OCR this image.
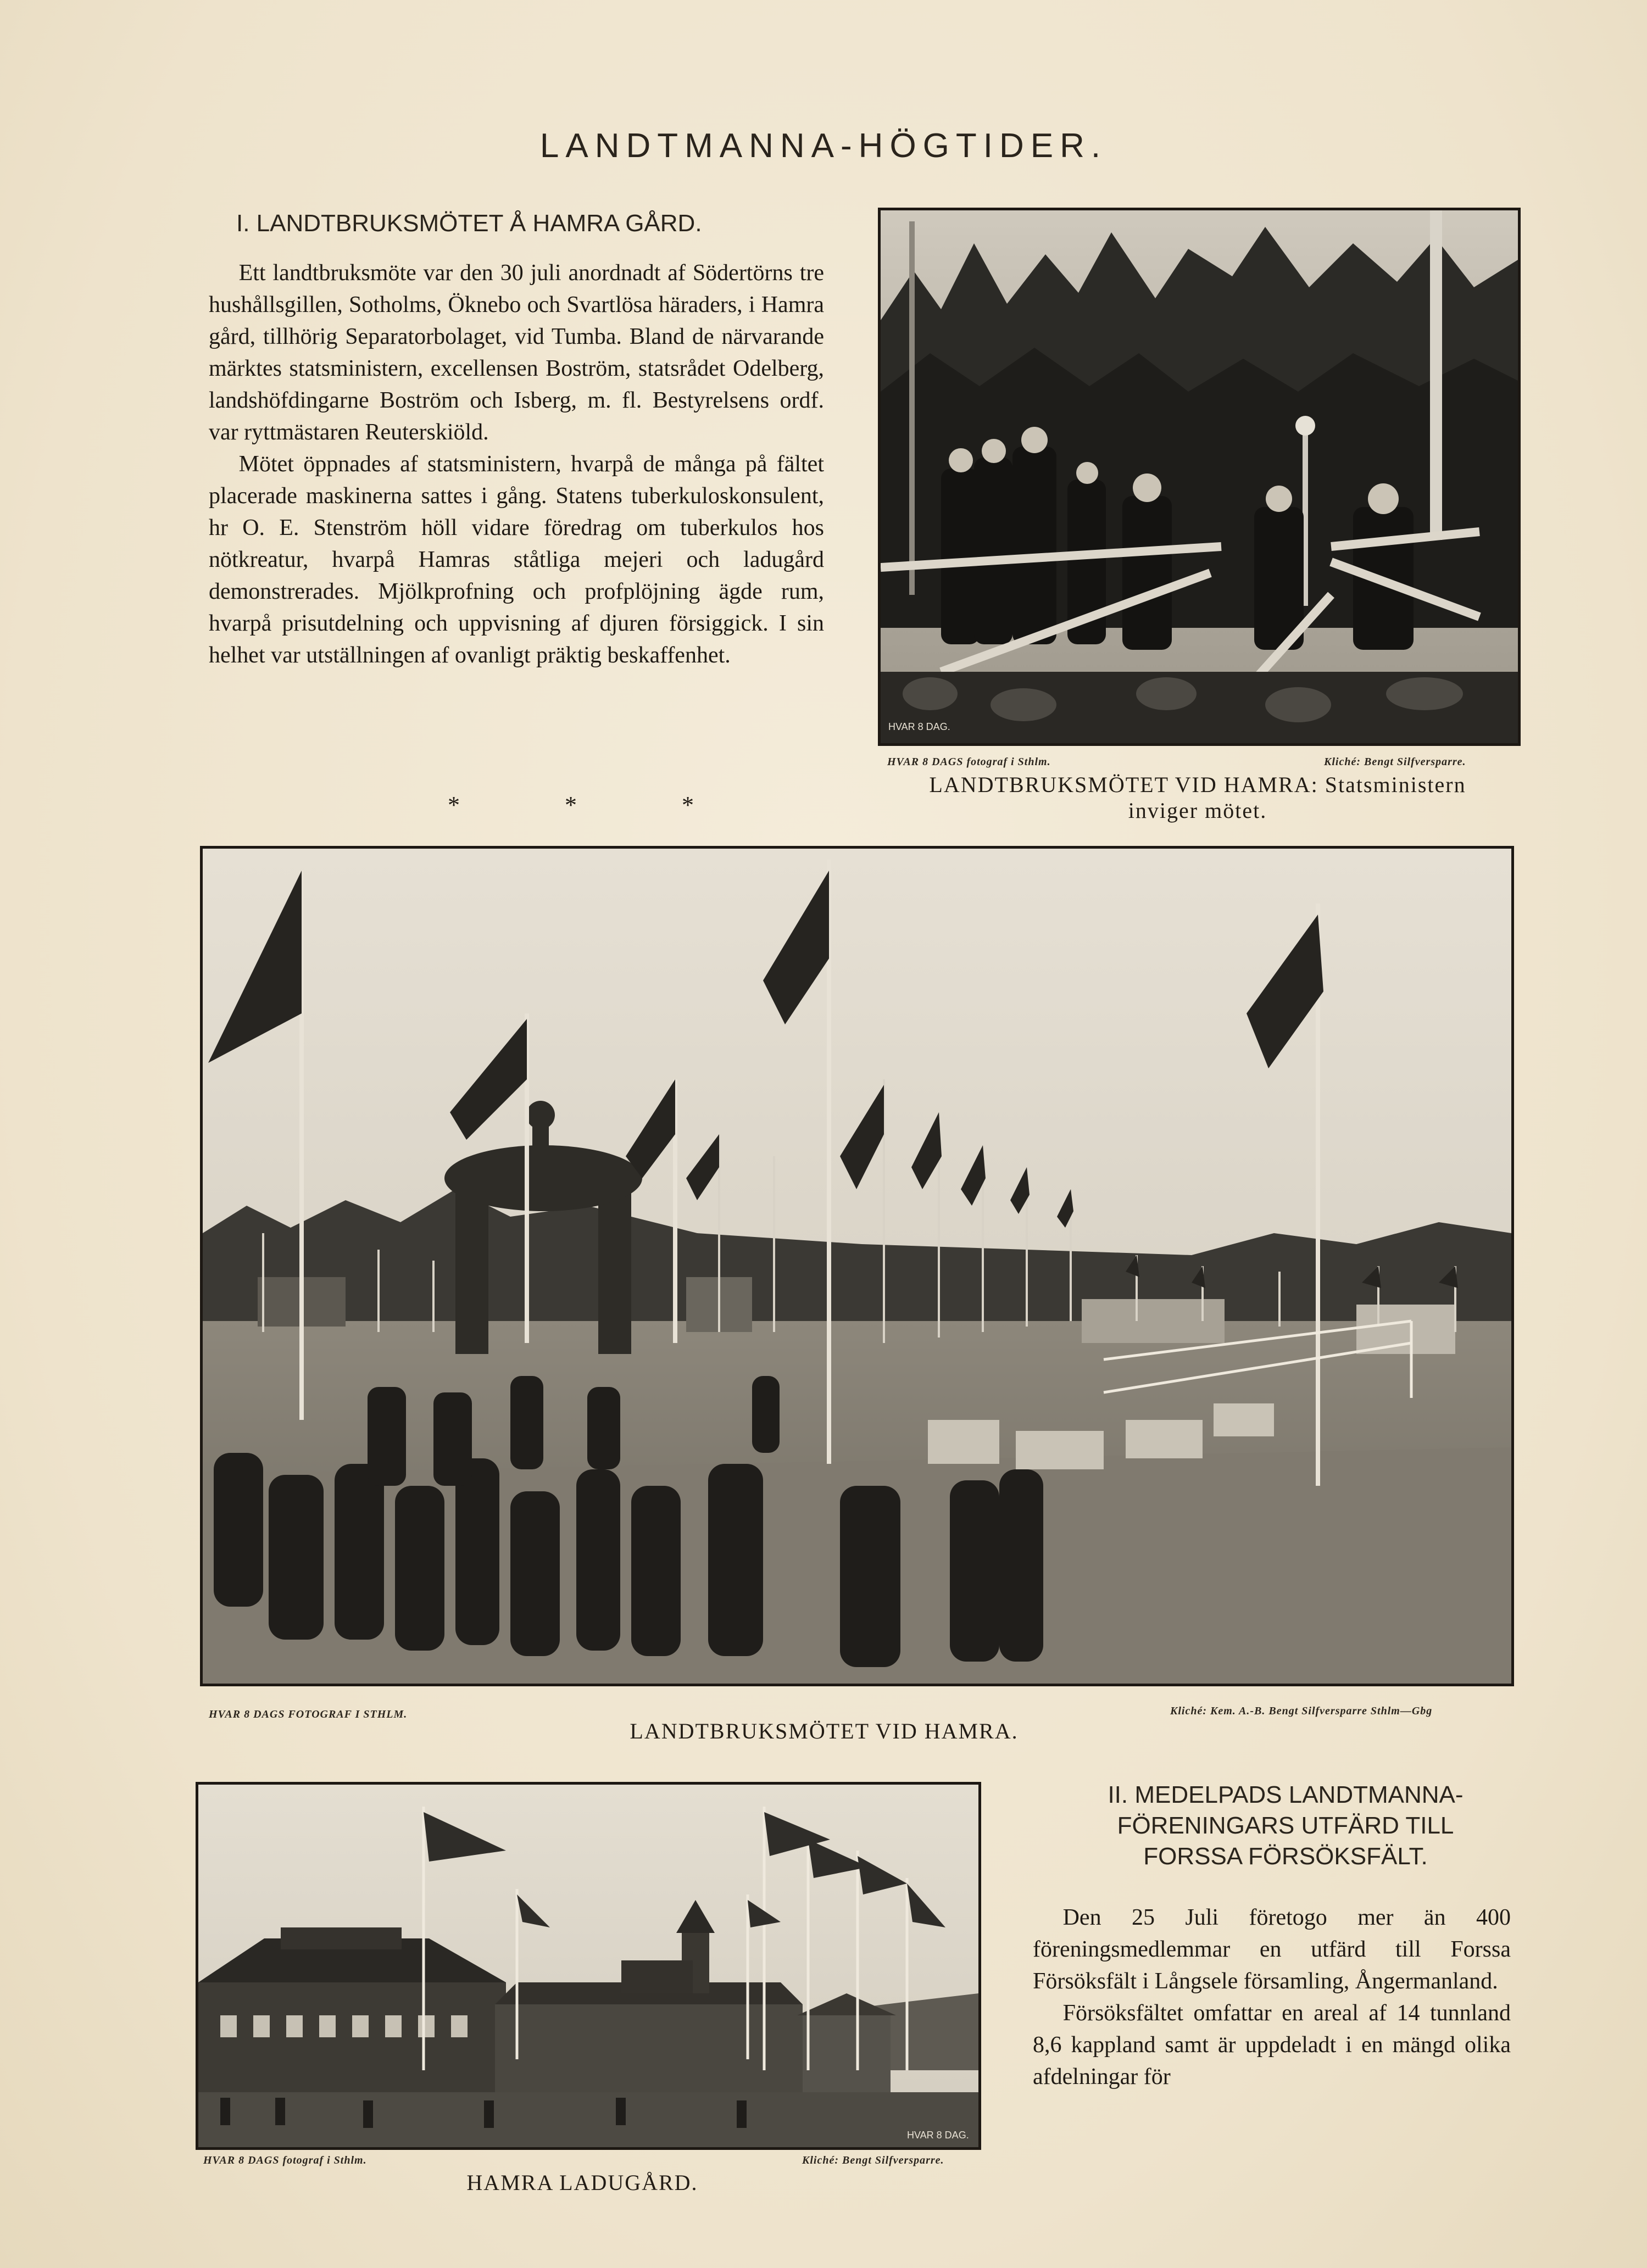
LANDTMANNA-HÖGTIDER.
I. LANDTBRUKSMÖTET Å HAMRA GÅRD.

Ett landtbruksmöte var den 30 juli anordnadt af Södertörns tre hushållsgillen, Sotholms, Öknebo och Svartlösa häraders, i Hamra gård, tillhörig Separatorbolaget, vid Tumba. Bland de närvarande märktes statsministern, excellensen Boström, statsrådet Odelberg, landshöfdingarne Boström och Isberg, m. fl. Bestyrelsens ordf. var ryttmästaren Reuterskiöld.

Mötet öppnades af statsministern, hvarpå de många på fältet placerade maskinerna sattes i gång. Statens tuberkuloskonsulent, hr O. E. Stenström höll vidare föredrag om tuberkulos hos nötkreatur, hvarpå Hamras ståtliga mejeri och ladugård demonstrerades. Mjölkprofning och profplöjning ägde rum, hvarpå prisutdelning och uppvisning af djuren försiggick. I sin helhet var utställningen af ovanligt präktig beskaffenhet.

* * *
HVAR 8 DAG.
HVAR 8 DAGS fotograf i Sthlm.	Kliché: Bengt Silfversparre.
LANDTBRUKSMÖTET VID HAMRA: Statsministern inviger mötet.
HVAR 8 DAGS FOTOGRAF I STHLM.	Kliché: Kem. A.-B. Bengt Silfversparre Sthlm—Gbg
LANDTBRUKSMÖTET VID HAMRA.
HVAR 8 DAG.
HVAR 8 DAGS fotograf i Sthlm.	Kliché: Bengt Silfversparre.
HAMRA LADUGÅRD.
II. MEDELPADS LANDTMANNA-
FÖRENINGARS UTFÄRD TILL
FORSSA FÖRSÖKSFÄLT.

Den 25 Juli företogo mer än 400 föreningsmedlemmar en utfärd till Forssa Försöksfält i Långsele församling, Ångermanland.

Försöksfältet omfattar en areal af 14 tunnland 8,6 kappland samt är uppdeladt i en mängd olika afdelningar för
